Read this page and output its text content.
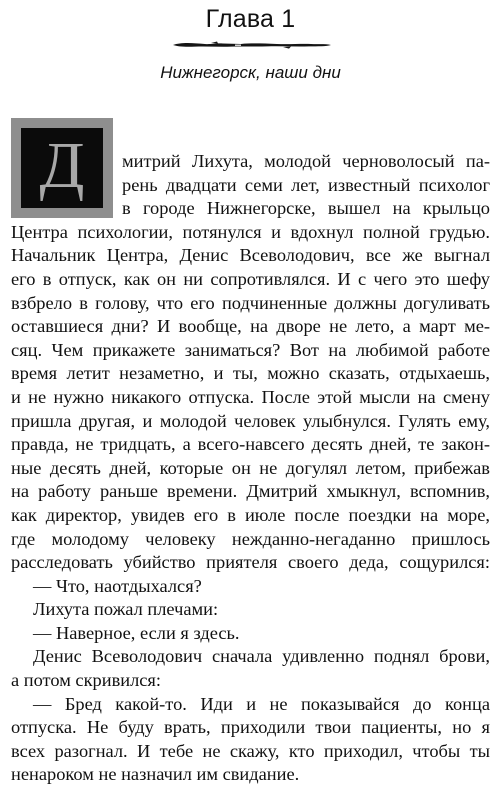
Глава 1
Нижнегорск, наши дни
Д митрий Лихута, молодой черноволосый па-
рень двадцати семи лет, известный психолог
в городе Нижнегорске, вышел на крыльцо
Центра психологии, потянулся и вдохнул полной грудью.
Начальник Центра, Денис Всеволодович, все же выгнал
его в отпуск, как он ни сопротивлялся. И с чего это шефу
взбрело в голову, что его подчиненные должны догуливать
оставшиеся дни? И вообще, на дворе не лето, а март ме-
сяц. Чем прикажете заниматься? Вот на любимой работе
время летит незаметно, и ты, можно сказать, отдыхаешь,
и не нужно никакого отпуска. После этой мысли на смену
пришла другая, и молодой человек улыбнулся. Гулять ему,
правда, не тридцать, а всего-навсего десять дней, те закон-
ные десять дней, которые он не догулял летом, прибежав
на работу раньше времени. Дмитрий хмыкнул, вспомнив,
как директор, увидев его в июле после поездки на море,
где молодому человеку нежданно-негаданно пришлось
расследовать убийство приятеля своего деда, сощурился:
— Что, наотдыхался?
Лихута пожал плечами:
— Наверное, если я здесь.
Денис Всеволодович сначала удивленно поднял брови,
а потом скривился:
— Бред какой-то. Иди и не показывайся до конца
отпуска. Не буду врать, приходили твои пациенты, но я
всех разогнал. И тебе не скажу, кто приходил, чтобы ты
ненароком не назначил им свидание.
